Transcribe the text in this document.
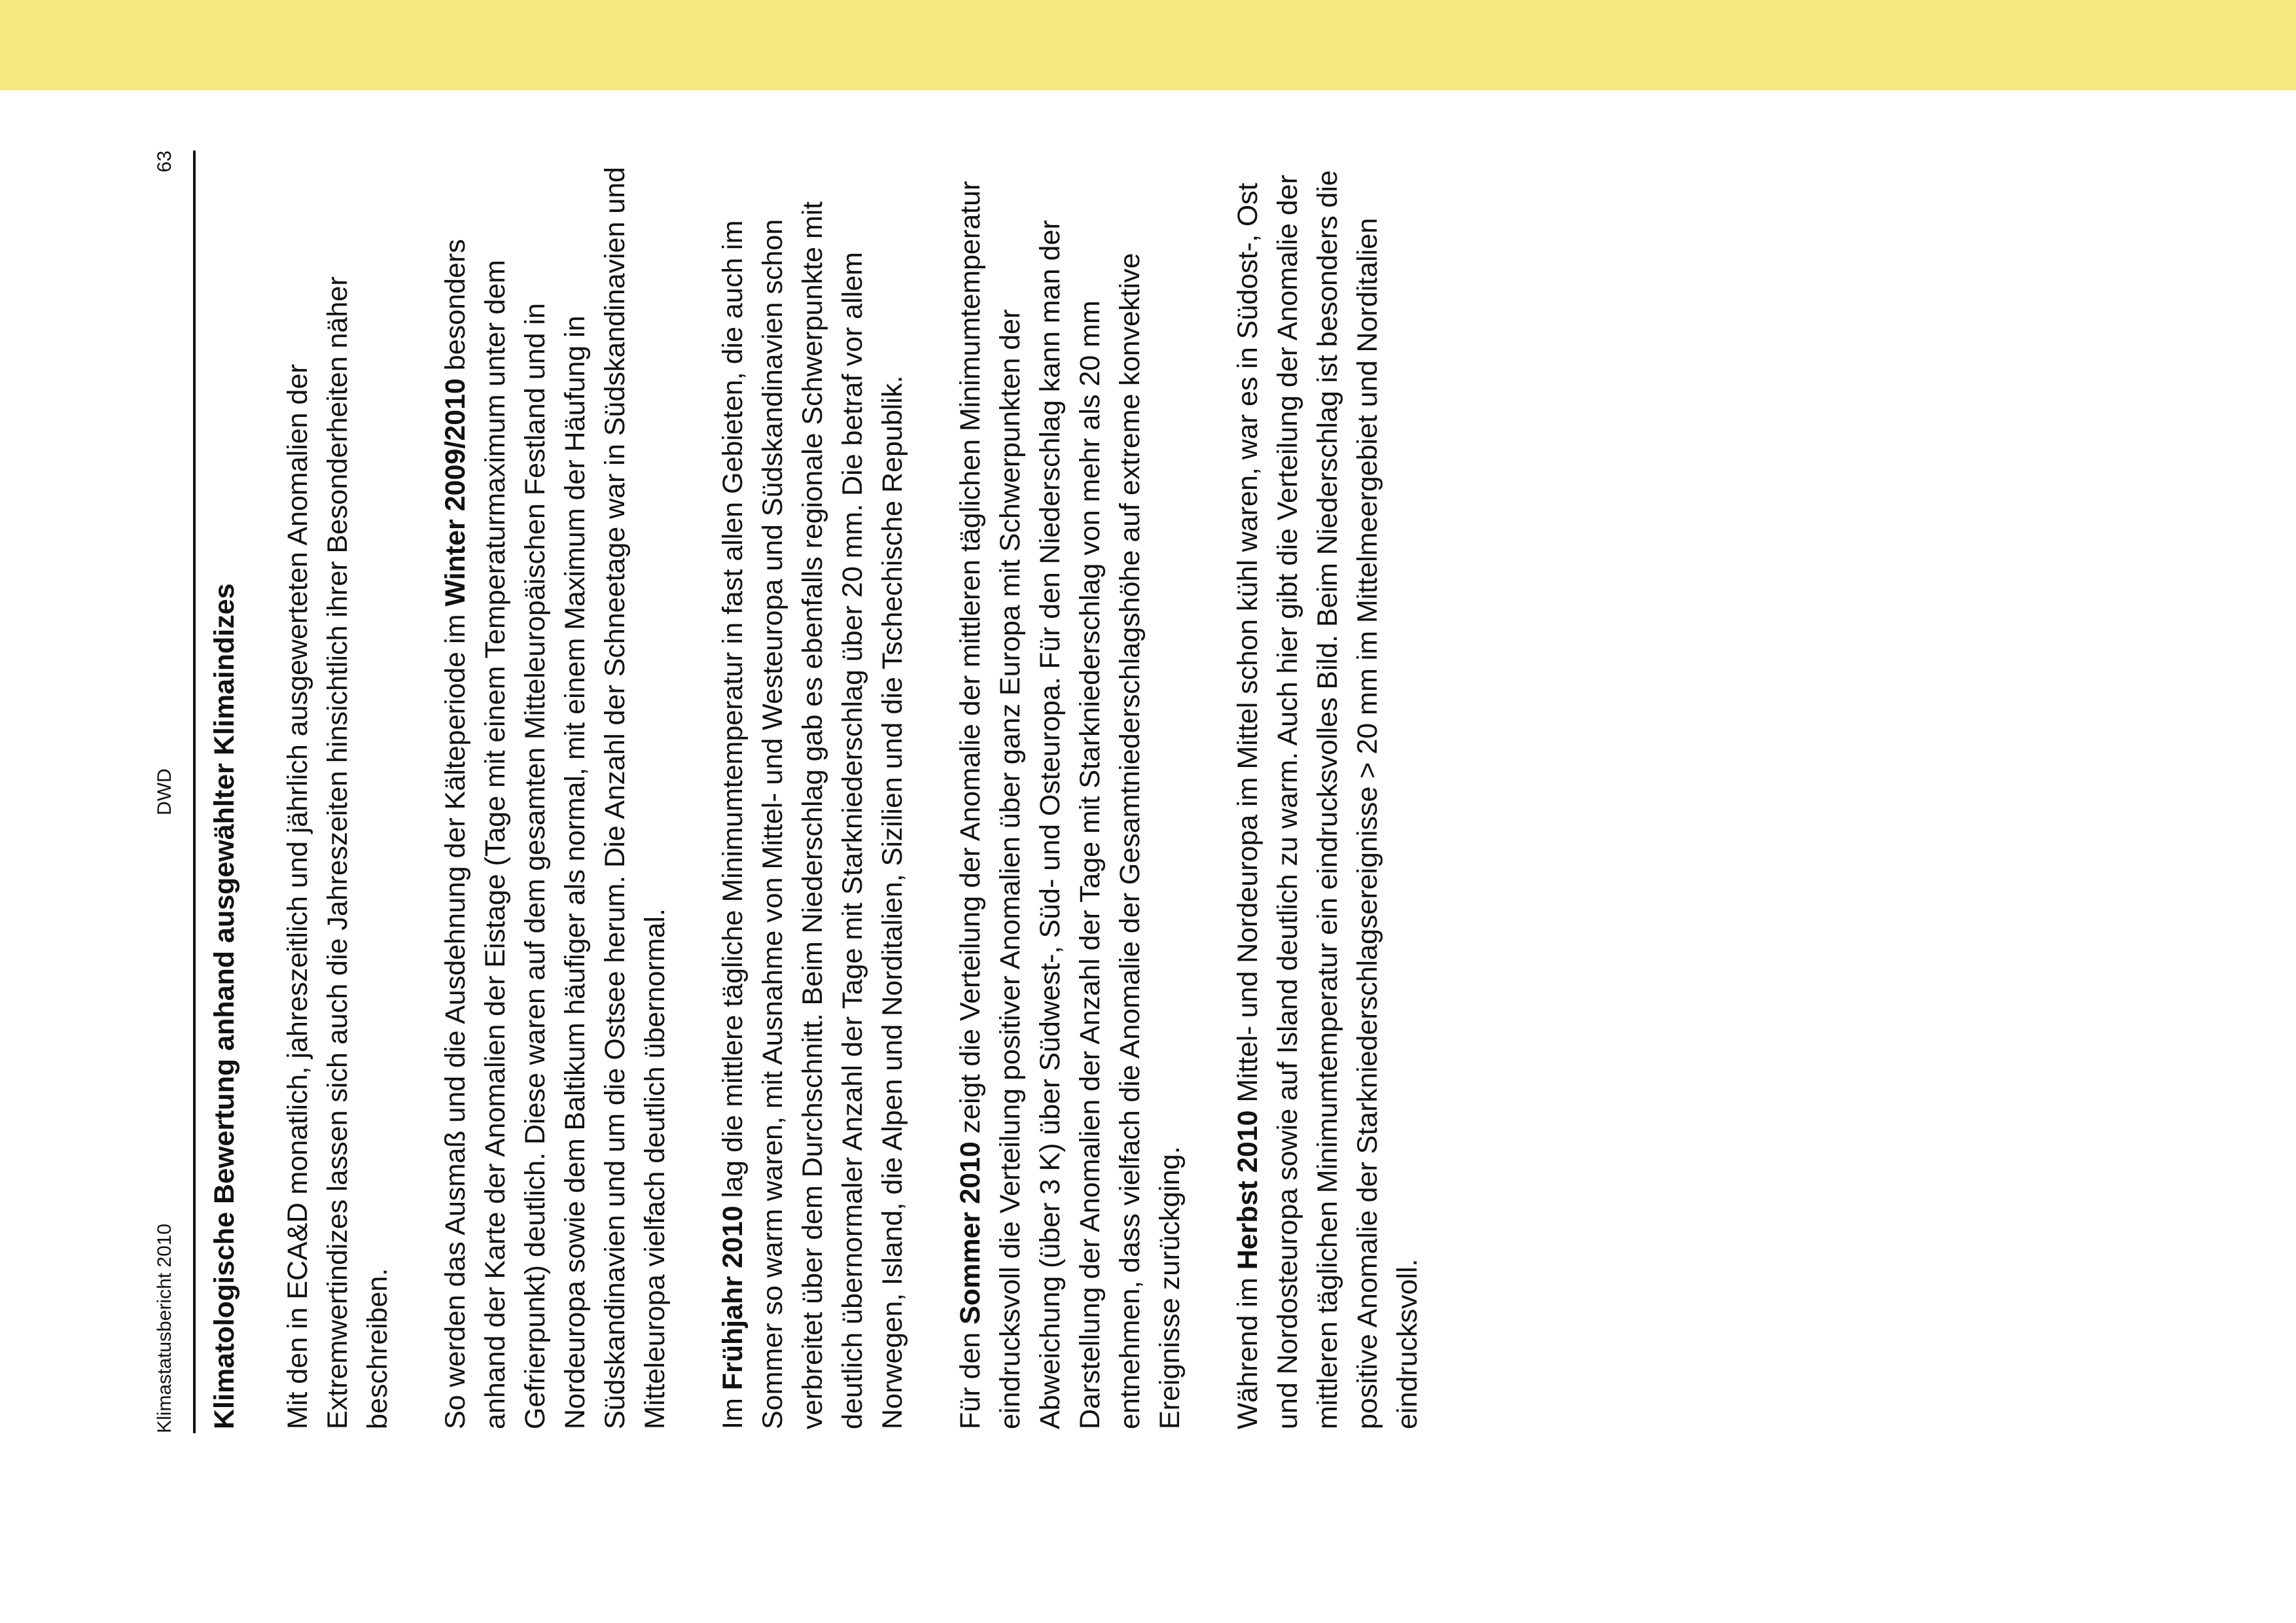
Klimastatusbericht 2010
DWD
63
Klimatologische Bewertung anhand ausgewählter Klimaindizes Mit den in ECA&D monatlich, jahreszeitlich und jährlich ausgewerteten Anomalien der Extremwertindizes lassen sich auch die Jahreszeiten hinsichtlich ihrer Besonderheiten näher beschreiben. So werden das Ausmaß und die Ausdehnung der Kälteperiode im Winter 2009/2010 besonders anhand der Karte der Anomalien der Eistage (Tage mit einem Temperaturmaximum unter dem Gefrierpunkt) deutlich. Diese waren auf dem gesamten Mitteleuropäischen Festland und in Nordeuropa sowie dem Baltikum häufiger als normal, mit einem Maximum der Häufung in Südskandinavien und um die Ostsee herum. Die Anzahl der Schneetage war in Südskandinavien und Mitteleuropa vielfach deutlich übernormal. Im Frühjahr 2010 lag die mittlere tägliche Minimumtemperatur in fast allen Gebieten, die auch im Sommer so warm waren, mit Ausnahme von Mittel- und Westeuropa und Südskandinavien schon verbreitet über dem Durchschnitt. Beim Niederschlag gab es ebenfalls regionale Schwerpunkte mit deutlich übernormaler Anzahl der Tage mit Starkniederschlag über 20 mm. Die betraf vor allem Norwegen, Island, die Alpen und Norditalien, Sizilien und die Tschechische Republik. Für den Sommer 2010 zeigt die Verteilung der Anomalie der mittleren täglichen Minimumtemperatur eindrucksvoll die Verteilung positiver Anomalien über ganz Europa mit Schwerpunkten der Abweichung (über 3 K) über Südwest-, Süd- und Osteuropa. Für den Niederschlag kann man der Darstellung der Anomalien der Anzahl der Tage mit Starkniederschlag von mehr als 20 mm entnehmen, dass vielfach die Anomalie der Gesamtniederschlagshöhe auf extreme konvektive Ereignisse zurückging. Während im Herbst 2010 Mittel- und Nordeuropa im Mittel schon kühl waren, war es in Südost-, Ost und Nordosteuropa sowie auf Island deutlich zu warm. Auch hier gibt die Verteilung der Anomalie der mittleren täglichen Minimumtemperatur ein eindrucksvolles Bild. Beim Niederschlag ist besonders die positive Anomalie der Starkniederschlagsereignisse > 20 mm im Mittelmeergebiet und Norditalien eindrucksvoll.
